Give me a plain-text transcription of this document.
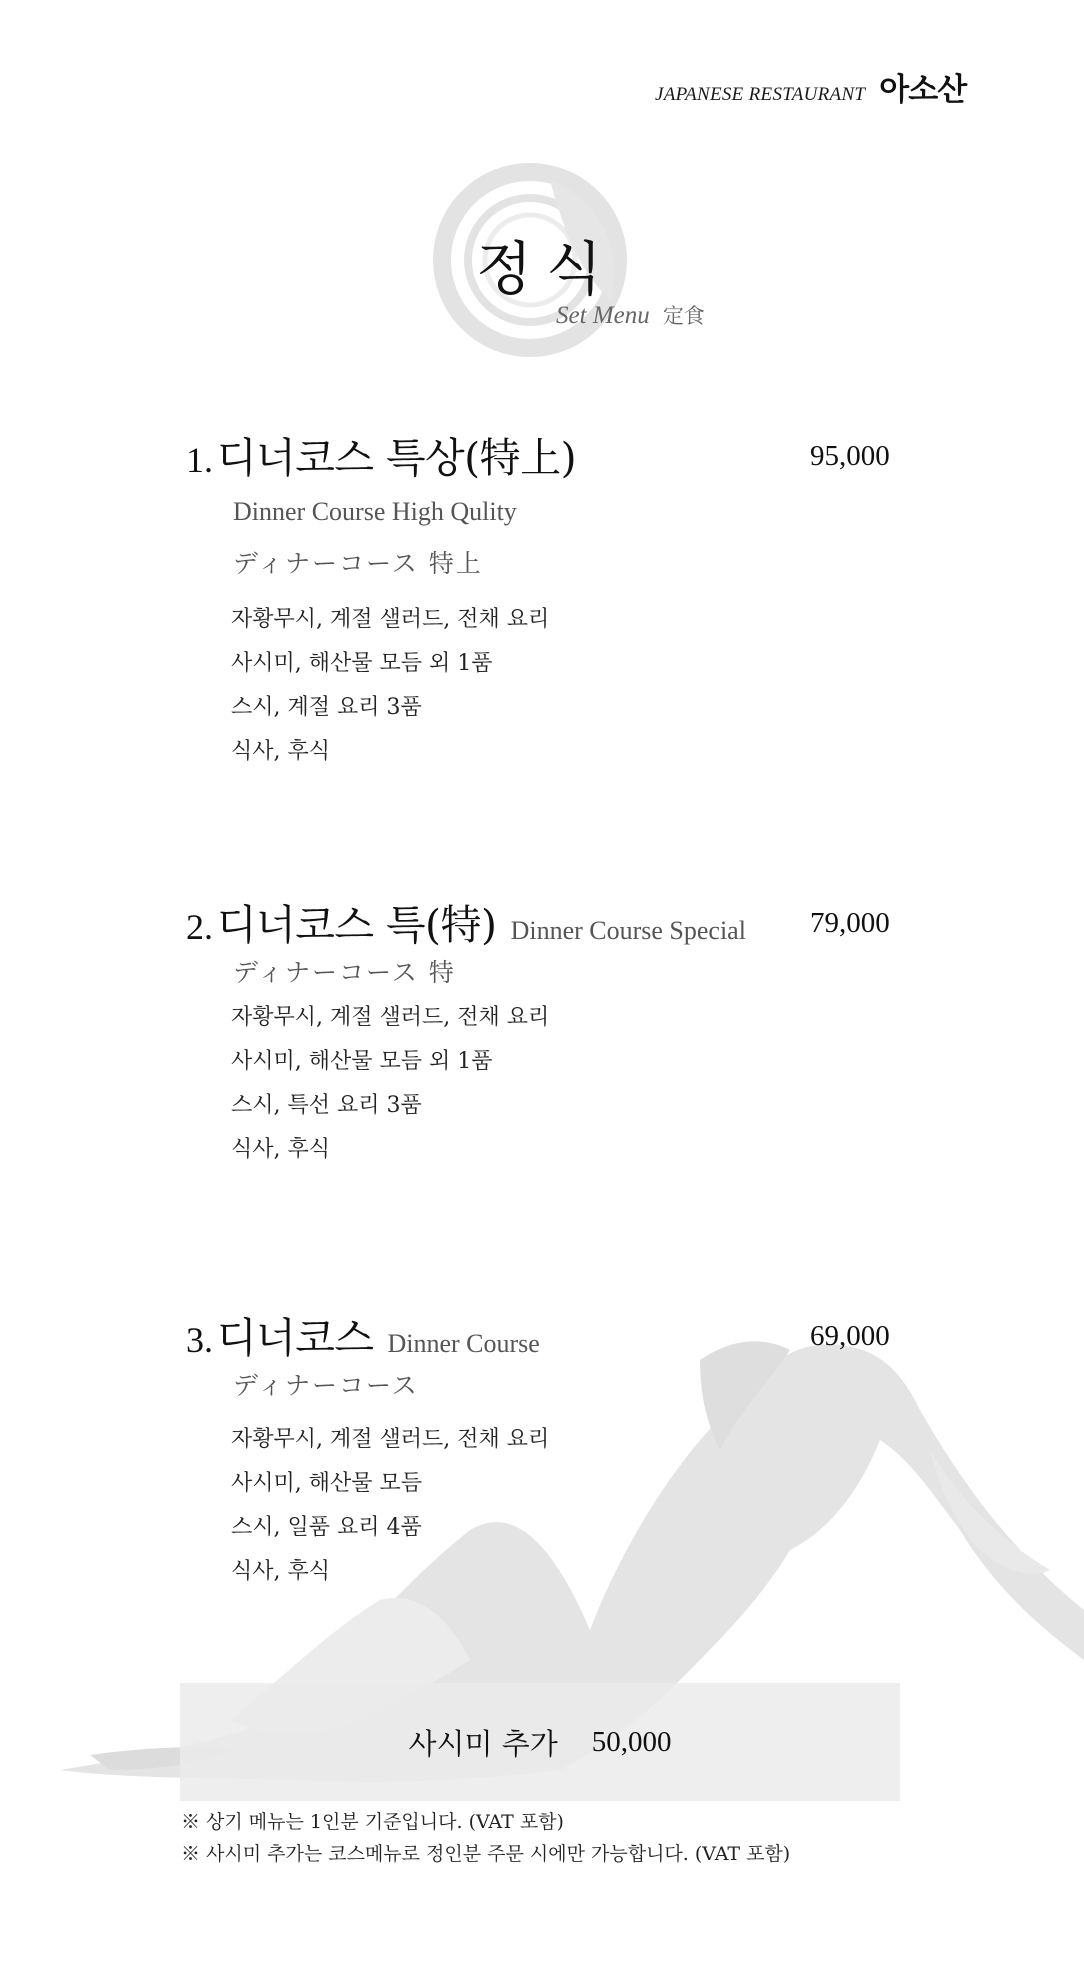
JAPANESE RESTAURANT 아소산
정식
Set Menu 定食
1. 디너코스 특상(特上)	95,000
Dinner Course High Qulity
ディナーコース 特上
자황무시, 계절 샐러드, 전채 요리
사시미, 해산물 모듬 외 1품
스시, 계절 요리 3품
식사, 후식
2. 디너코스 특(特) Dinner Course Special 79,000
ディナーコース 特
자황무시, 계절 샐러드, 전채 요리
사시미, 해산물 모듬 외 1품
스시, 특선 요리 3품
식사, 후식
3. 디너코스 Dinner Course	69,000
ディナーコース
자황무시, 계절 샐러드, 전채 요리
사시미, 해산물 모듬
스시, 일품 요리 4품
식사, 후식
사시미 추가 50,000
※ 상기 메뉴는 1인분 기준입니다. (VAT 포함)
※ 사시미 추가는 코스메뉴로 정인분 주문 시에만 가능합니다. (VAT 포함)
